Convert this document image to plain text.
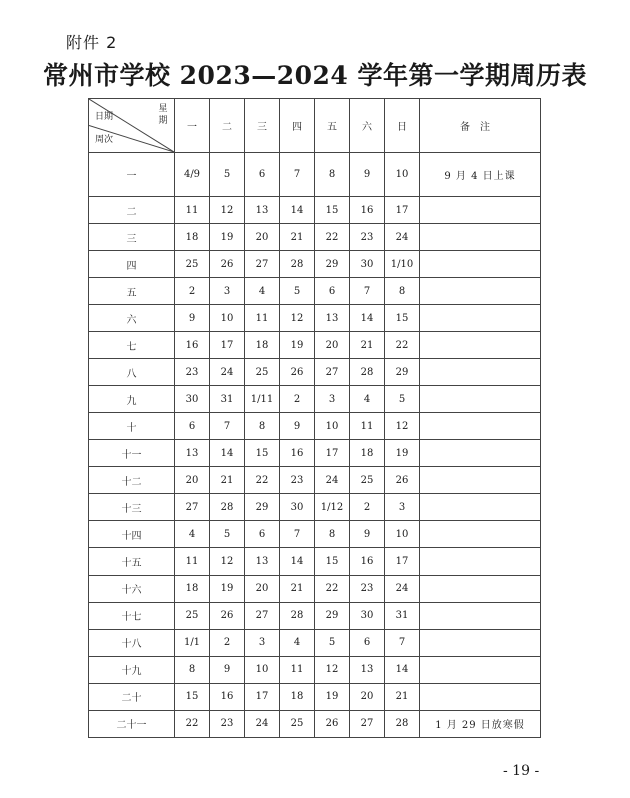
附件 2
常州市学校 2023—2024 学年第一学期周历表
日期
星期
周次	一	二	三	四	五	六	日	备注
一	4/9	5	6	7	8	9	10	9 月 4 日上课
二	11	12	13	14	15	16	17	
三	18	19	20	21	22	23	24	
四	25	26	27	28	29	30	1/10	
五	2	3	4	5	6	7	8	
六	9	10	11	12	13	14	15	
七	16	17	18	19	20	21	22	
八	23	24	25	26	27	28	29	
九	30	31	1/11	2	3	4	5	
十	6	7	8	9	10	11	12	
十一	13	14	15	16	17	18	19	
十二	20	21	22	23	24	25	26	
十三	27	28	29	30	1/12	2	3	
十四	4	5	6	7	8	9	10	
十五	11	12	13	14	15	16	17	
十六	18	19	20	21	22	23	24	
十七	25	26	27	28	29	30	31	
十八	1/1	2	3	4	5	6	7	
十九	8	9	10	11	12	13	14	
二十	15	16	17	18	19	20	21	
二十一	22	23	24	25	26	27	28	1 月 29 日放寒假
- 19 -
